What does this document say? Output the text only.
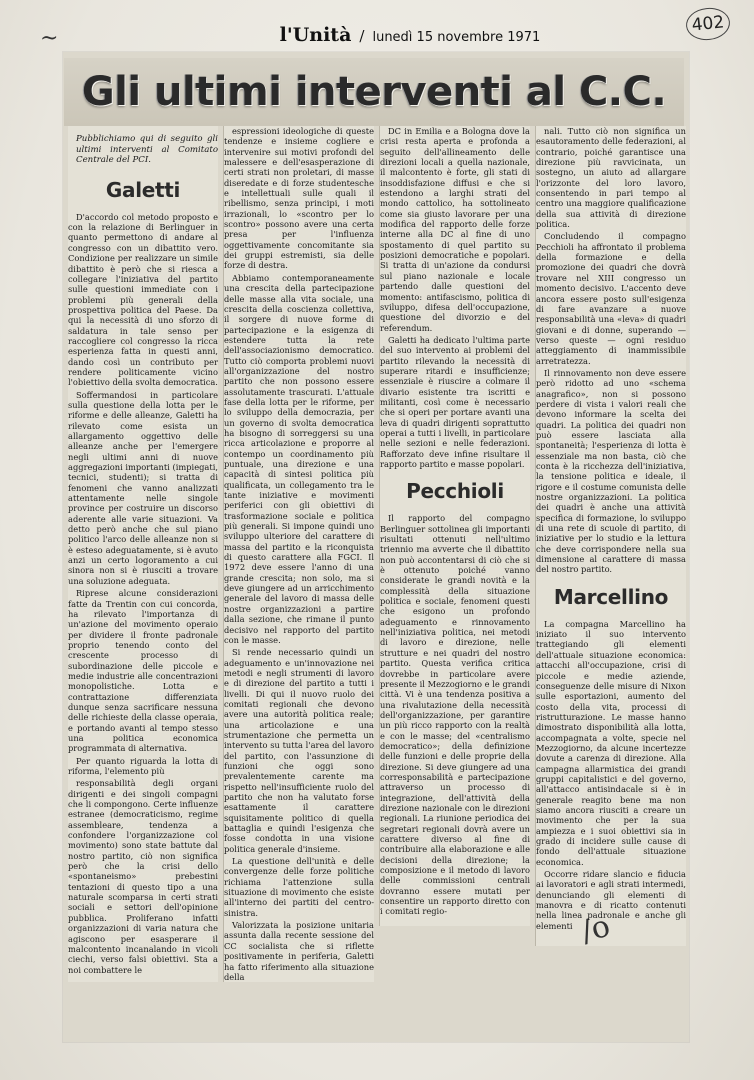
~
402
l'Unità / lunedì 15 novembre 1971
Gli ultimi interventi al C.C.

Pubblichiamo qui di seguito gli ultimi interventi al Comitato Centrale del PCI.

Galetti

D'accordo col metodo proposto e con la relazione di Berlinguer in quanto permettono di andare al congresso con un dibattito vero. Condizione per realizzare un simile dibattito è però che si riesca a collegare l'iniziativa del partito sulle questioni immediate con i problemi più generali della prospettiva politica del Paese. Da qui la necessità di uno sforzo di saldatura in tale senso per raccogliere col congresso la ricca esperienza fatta in questi anni, dando così un contributo per rendere politicamente vicino l'obiettivo della svolta democratica.

Soffermandosi in particolare sulla questione della lotta per le riforme e delle alleanze, Galetti ha rilevato come esista un allargamento oggettivo delle alleanze anche per l'emergere negli ultimi anni di nuove aggregazioni importanti (impiegati, tecnici, studenti); si tratta di fenomeni che vanno analizzati attentamente nelle singole province per costruire un discorso aderente alle varie situazioni. Va detto però anche che sul piano politico l'arco delle alleanze non si è esteso adeguatamente, si è avuto anzi un certo logoramento a cui sinora non si è riusciti a trovare una soluzione adeguata.

Riprese alcune considerazioni fatte da Trentin con cui concorda, ha rilevato l'importanza di un'azione del movimento operaio per dividere il fronte padronale proprio tenendo conto del crescente processo di subordinazione delle piccole e medie industrie alle concentrazioni monopolistiche. Lotta e contrattazione differenziata dunque senza sacrificare nessuna delle richieste della classe operaia, e portando avanti al tempo stesso una politica economica programmata di alternativa.

Per quanto riguarda la lotta di riforma, l'elemento più

responsabilità degli organi dirigenti e dei singoli compagni che li compongono. Certe influenze estranee (democraticismo, regime assembleare, tendenza a confondere l'organizzazione col movimento) sono state battute dal nostro partito, ciò non significa però che la crisi dello «spontaneismo» prebestini tentazioni di questo tipo a una naturale scomparsa in certi strati sociali e settori dell'opinione pubblica. Proliferano infatti organizzazioni di varia natura che agiscono per esasperare il malcontento incanalando in vicoli ciechi, verso falsi obiettivi. Sta a noi combattere le

espressioni ideologiche di queste tendenze e insieme cogliere e intervenire sui motivi profondi del malessere e dell'esasperazione di certi strati non proletari, di masse diseredate e di forze studentesche e intellettuali sulle quali il ribellismo, senza principi, i moti irrazionali, lo «scontro per lo scontro» possono avere una certa presa per l'influenza oggettivamente concomitante sia dei gruppi estremisti, sia delle forze di destra.

Abbiamo contemporaneamente una crescita della partecipazione delle masse alla vita sociale, una crescita della coscienza collettiva, il sorgere di nuove forme di partecipazione e la esigenza di estendere tutta la rete dell'associazionismo democratico. Tutto ciò comporta problemi nuovi all'organizzazione del nostro partito che non possono essere assolutamente trascurati. L'attuale fase della lotta per le riforme, per lo sviluppo della democrazia, per un governo di svolta democratica ha bisogno di sorreggersi su una ricca articolazione e proporre al contempo un coordinamento più puntuale, una direzione e una capacità di sintesi politica più qualificata, un collegamento tra le tante iniziative e movimenti periferici con gli obiettivi di trasformazione sociale e politica più generali. Si impone quindi uno sviluppo ulteriore del carattere di massa del partito e la riconquista di questo carattere alla FGCI. Il 1972 deve essere l'anno di una grande crescita; non solo, ma si deve giungere ad un arricchimento generale del lavoro di massa delle nostre organizzazioni a partire dalla sezione, che rimane il punto decisivo nel rapporto del partito con le masse.

Si rende necessario quindi un adeguamento e un'innovazione nei metodi e negli strumenti di lavoro e di direzione del partito a tutti i livelli. Di qui il nuovo ruolo dei comitati regionali che devono avere una autorità politica reale; una articolazione e una strumentazione che permetta un intervento su tutta l'area del lavoro del partito, con l'assunzione di funzioni che oggi sono prevalentemente carente ma rispetto nell'insufficiente ruolo del partito che non ha valutato forse esattamente il carattere squisitamente politico di quella battaglia e quindi l'esigenza che fosse condotta in una visione politica generale d'insieme.

La questione dell'unità e delle convergenze delle forze politiche richiama l'attenzione sulla situazione di movimento che esiste all'interno dei partiti del centro-sinistra.

Valorizzata la posizione unitaria assunta dalla recente sessione del CC socialista che si riflette positivamente in periferia, Galetti ha fatto riferimento alla situazione della

DC in Emilia e a Bologna dove la crisi resta aperta e profonda a seguito dell'allineamento delle direzioni locali a quella nazionale, il malcontento è forte, gli stati di insoddisfazione diffusi e che si estendono a larghi strati del mondo cattolico, ha sottolineato come sia giusto lavorare per una modifica del rapporto delle forze interne alla DC al fine di uno spostamento di quel partito su posizioni democratiche e popolari. Si tratta di un'azione da condursi sul piano nazionale e locale partendo dalle questioni del momento: antifascismo, politica di sviluppo, difesa dell'occupazione, questione del divorzio e del referendum.

Galetti ha dedicato l'ultima parte del suo intervento ai problemi del partito rilevando la necessità di superare ritardi e insufficienze; essenziale è riuscire a colmare il divario esistente tra iscritti e militanti, così come è necessario che si operi per portare avanti una leva di quadri dirigenti soprattutto operai a tutti i livelli, in particolare nelle sezioni e nelle federazioni. Rafforzato deve infine risultare il rapporto partito e masse popolari.

Pecchioli

Il rapporto del compagno Berlinguer sottolinea gli importanti risultati ottenuti nell'ultimo triennio ma avverte che il dibattito non può accontentarsi di ciò che si è ottenuto poiché vanno considerate le grandi novità e la complessità della situazione politica e sociale, fenomeni questi che esigono un profondo adeguamento e rinnovamento nell'iniziativa politica, nei metodi di lavoro e direzione, nelle strutture e nei quadri del nostro partito. Questa verifica critica dovrebbe in particolare avere presente il Mezzogiorno e le grandi città. Vi è una tendenza positiva a una rivalutazione della necessità dell'organizzazione, per garantire un più ricco rapporto con la realtà e con le masse; del «centralismo democratico»; della definizione delle funzioni e delle proprie della direzione. Si deve giungere ad una corresponsabilità e partecipazione attraverso un processo di integrazione, dell'attività della direzione nazionale con le direzioni regionali. La riunione periodica dei segretari regionali dovrà avere un carattere diverso al fine di contribuire alla elaborazione e alle decisioni della direzione; la composizione e il metodo di lavoro delle commissioni centrali dovranno essere mutati per consentire un rapporto diretto con i comitati regio-

nali. Tutto ciò non significa un esautoramento delle federazioni, al contrario, poiché garantisce una direzione più ravvicinata, un sostegno, un aiuto ad allargare l'orizzonte del loro lavoro, consentendo in pari tempo al centro una maggiore qualificazione della sua attività di direzione politica.

Concludendo il compagno Pecchioli ha affrontato il problema della formazione e della promozione dei quadri che dovrà trovare nel XIII congresso un momento decisivo. L'accento deve ancora essere posto sull'esigenza di fare avanzare a nuove responsabilità una «leva» di quadri giovani e di donne, superando — verso queste — ogni residuo atteggiamento di inammissibile arretratezza.

Il rinnovamento non deve essere però ridotto ad uno «schema anagrafico», non si possono perdere di vista i valori reali che devono informare la scelta dei quadri. La politica dei quadri non può essere lasciata alla spontaneità; l'esperienza di lotta è essenziale ma non basta, ciò che conta è la ricchezza dell'iniziativa, la tensione politica e ideale, il rigore e il costume comunista delle nostre organizzazioni. La politica dei quadri è anche una attività specifica di formazione, lo sviluppo di una rete di scuole di partito, di iniziative per lo studio e la lettura che deve corrispondere nella sua dimensione al carattere di massa del nostro partito.

Marcellino

La compagna Marcellino ha iniziato il suo intervento trattegiando gli elementi dell'attuale situazione economica: attacchi all'occupazione, crisi di piccole e medie aziende, conseguenze delle misure di Nixon sulle esportazioni, aumento del costo della vita, processi di ristrutturazione. Le masse hanno dimostrato disponibilità alla lotta, accompagnata a volte, specie nel Mezzogiorno, da alcune incertezze dovute a carenza di direzione. Alla campagna allarmistica dei grandi gruppi capitalistici e del governo, all'attacco antisindacale si è in generale reagito bene ma non siamo ancora riusciti a creare un movimento che per la sua ampiezza e i suoi obiettivi sia in grado di incidere sulle cause di fondo dell'attuale situazione economica.

Occorre ridare slancio e fiducia ai lavoratori e agli strati intermedi, denunciando gli elementi di manovra e di ricatto contenuti nella linea padronale e anche gli elementi /o
